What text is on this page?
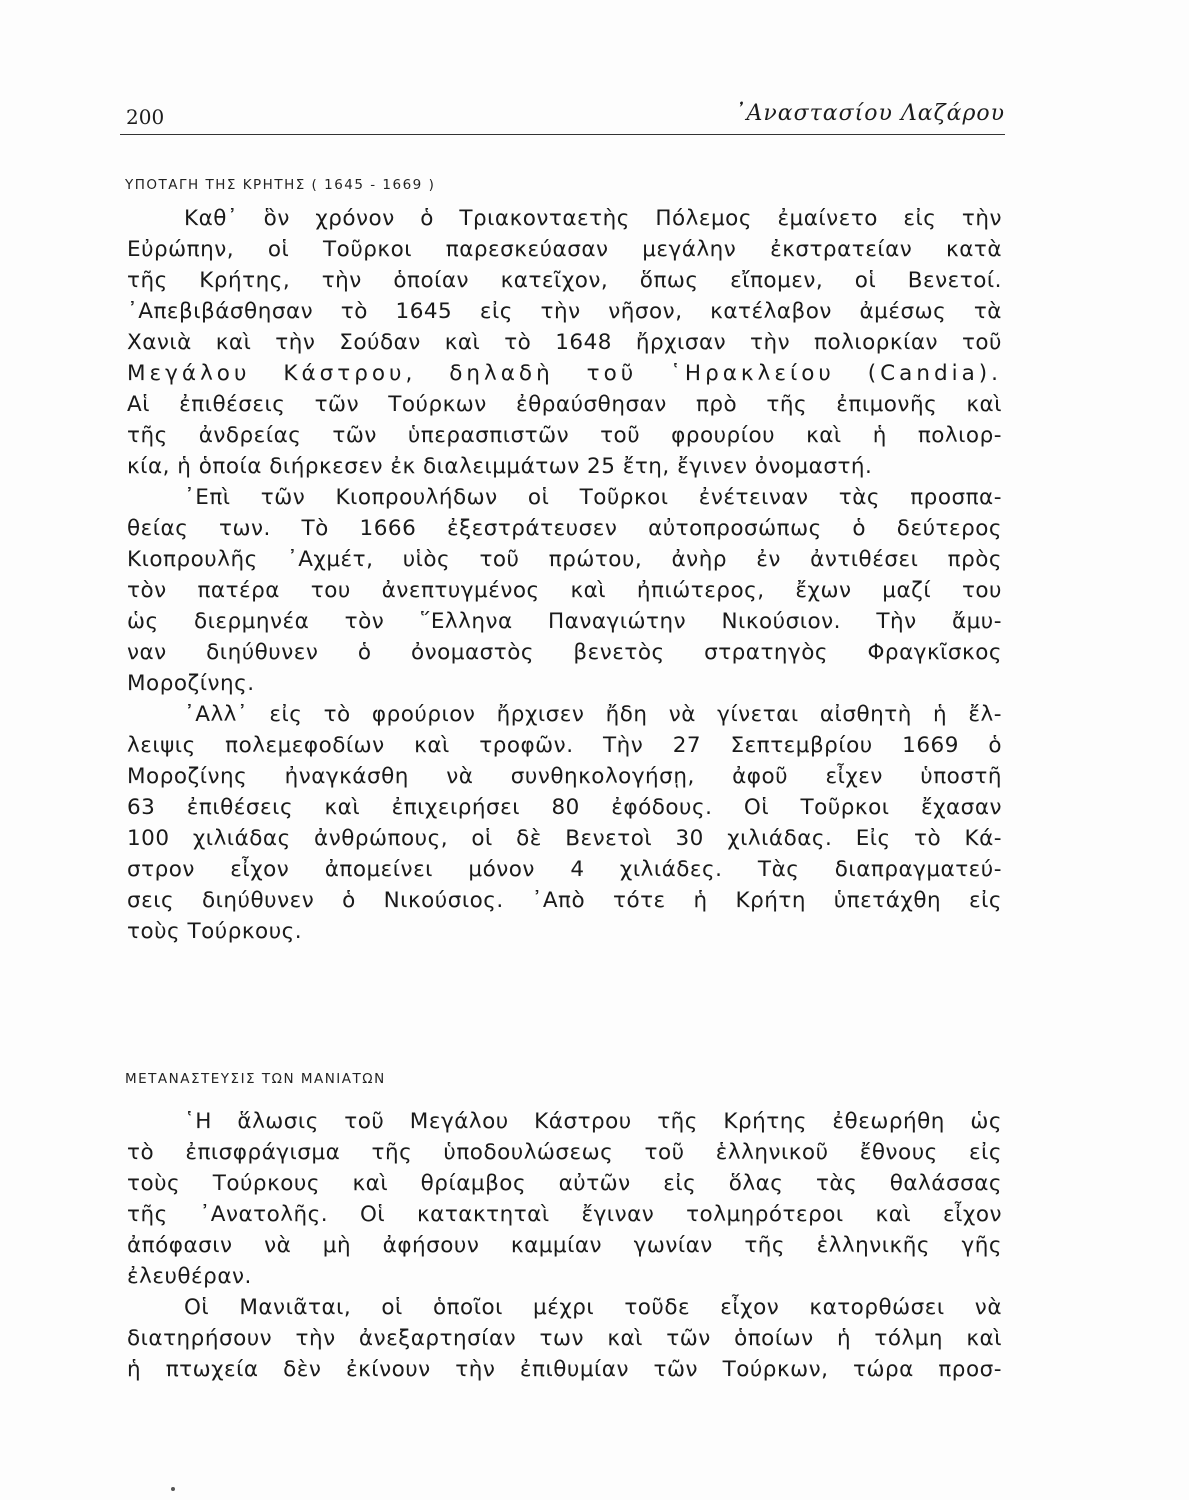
200	᾽Αναστασίου Λαζάρου
ΥΠΟΤΑΓΗ ΤΗΣ ΚΡΗΤΗΣ ( 1645 - 1669 )
Καθ᾽ ὃν χρόνον ὁ Τριακονταετὴς Πόλεμος ἐμαίνετο εἰς τὴν
Εὐρώπην, οἱ Τοῦρκοι παρεσκεύασαν μεγάλην ἐκστρατείαν κατὰ
τῆς Κρήτης, τὴν ὁποίαν κατεῖχον, ὅπως εἴπομεν, οἱ Βενετοί.
᾽Απεβιβάσθησαν τὸ 1645 εἰς τὴν νῆσον, κατέλαβον ἀμέσως τὰ
Χανιὰ καὶ τὴν Σούδαν καὶ τὸ 1648 ἤρχισαν τὴν πολιορκίαν τοῦ
Μεγάλου Κάστρου, δηλαδὴ τοῦ ῾Ηρακλείου (Candia).
Αἱ ἐπιθέσεις τῶν Τούρκων ἐθραύσθησαν πρὸ τῆς ἐπιμονῆς καὶ
τῆς ἀνδρείας τῶν ὑπερασπιστῶν τοῦ φρουρίου καὶ ἡ πολιορ-
κία, ἡ ὁποία διήρκεσεν ἐκ διαλειμμάτων 25 ἔτη, ἔγινεν ὀνομαστή.
᾽Επὶ τῶν Κιοπρουλήδων οἱ Τοῦρκοι ἐνέτειναν τὰς προσπα-
θείας των. Τὸ 1666 ἐξεστράτευσεν αὐτοπροσώπως ὁ δεύτερος
Κιοπρουλῆς ᾽Αχμέτ, υἱὸς τοῦ πρώτου, ἀνὴρ ἐν ἀντιθέσει πρὸς
τὸν πατέρα του ἀνεπτυγμένος καὶ ἠπιώτερος, ἔχων μαζί του
ὡς διερμηνέα τὸν ῞Ελληνα Παναγιώτην Νικούσιον. Τὴν ἄμυ-
ναν διηύθυνεν ὁ ὀνομαστὸς βενετὸς στρατηγὸς Φραγκῖσκος
Μοροζίνης.
᾽Αλλ᾽ εἰς τὸ φρούριον ἤρχισεν ἤδη νὰ γίνεται αἰσθητὴ ἡ ἔλ-
λειψις πολεμεφοδίων καὶ τροφῶν. Τὴν 27 Σεπτεμβρίου 1669 ὁ
Μοροζίνης ἠναγκάσθη νὰ συνθηκολογήσῃ, ἀφοῦ εἶχεν ὑποστῆ
63 ἐπιθέσεις καὶ ἐπιχειρήσει 80 ἐφόδους. Οἱ Τοῦρκοι ἔχασαν
100 χιλιάδας ἀνθρώπους, οἱ δὲ Βενετοὶ 30 χιλιάδας. Εἰς τὸ Κά-
στρον εἶχον ἀπομείνει μόνον 4 χιλιάδες. Τὰς διαπραγματεύ-
σεις διηύθυνεν ὁ Νικούσιος. ᾽Απὸ τότε ἡ Κρήτη ὑπετάχθη εἰς
τοὺς Τούρκους.
ΜΕΤΑΝΑΣΤΕΥΣΙΣ ΤΩΝ ΜΑΝΙΑΤΩΝ
῾Η ἅλωσις τοῦ Μεγάλου Κάστρου τῆς Κρήτης ἐθεωρήθη ὡς
τὸ ἐπισφράγισμα τῆς ὑποδουλώσεως τοῦ ἑλληνικοῦ ἔθνους εἰς
τοὺς Τούρκους καὶ θρίαμβος αὐτῶν εἰς ὅλας τὰς θαλάσσας
τῆς ᾽Ανατολῆς. Οἱ κατακτηταὶ ἔγιναν τολμηρότεροι καὶ εἶχον
ἀπόφασιν νὰ μὴ ἀφήσουν καμμίαν γωνίαν τῆς ἑλληνικῆς γῆς
ἐλευθέραν.
Οἱ Μανιᾶται, οἱ ὁποῖοι μέχρι τοῦδε εἶχον κατορθώσει νὰ
διατηρήσουν τὴν ἀνεξαρτησίαν των καὶ τῶν ὁποίων ἡ τόλμη καὶ
ἡ πτωχεία δὲν ἐκίνουν τὴν ἐπιθυμίαν τῶν Τούρκων, τώρα προσ-
